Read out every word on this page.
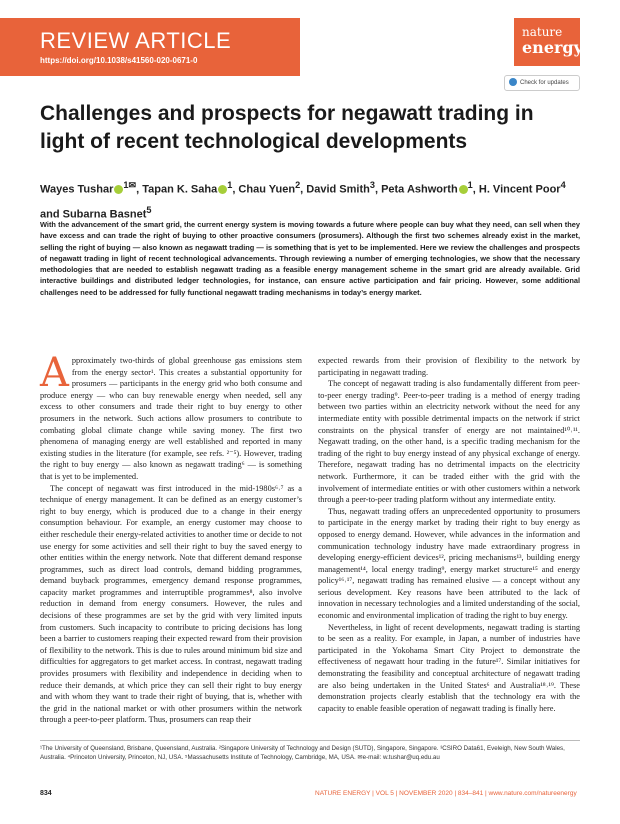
REVIEW ARTICLE
https://doi.org/10.1038/s41560-020-0671-0
nature
energy
Check for updates
Challenges and prospects for negawatt trading in light of recent technological developments
Wayes Tushar $^{1✉}$, Tapan K. Saha $^1$, Chau Yuen$^2$, David Smith$^3$, Peta Ashworth $^1$, H. Vincent Poor$^4$
and Subarna Basnet$^5$
With the advancement of the smart grid, the current energy system is moving towards a future where people can buy what they need, can sell when they have excess and can trade the right of buying to other proactive consumers (prosumers). Although the first two schemes already exist in the market, selling the right of buying — also known as negawatt trading — is something that is yet to be implemented. Here we review the challenges and prospects of negawatt trading in light of recent technological advancements. Through reviewing a number of emerging technologies, we show that the necessary methodologies that are needed to establish negawatt trading as a feasible energy management scheme in the smart grid are already available. Grid interactive buildings and distributed ledger technologies, for instance, can ensure active participation and fair pricing. However, some additional challenges need to be addressed for fully functional negawatt trading mechanisms in today’s energy market.

Approximately two-thirds of global greenhouse gas emissions stem from the energy sector¹. This creates a substantial opportunity for prosumers — participants in the energy grid who both consume and produce energy — who can buy renewable energy when needed, sell any excess to other consumers and trade their right to buy energy to other prosumers in the network. Such actions allow prosumers to contribute to combating global climate change while saving money. The first two phenomena of managing energy are well established and reported in many existing studies in the literature (for example, see refs. ²⁻⁵). However, trading the right to buy energy — also known as negawatt trading⁶ — is something that is yet to be implemented.

The concept of negawatt was first introduced in the mid-1980s⁶˒⁷ as a technique of energy management. It can be defined as an energy customer’s right to buy energy, which is produced due to a change in their energy consumption behaviour. For example, an energy customer may choose to either reschedule their energy-related activities to another time or decide to not use energy for some activities and sell their right to buy the saved energy to other entities within the energy network. Note that different demand response programmes, such as direct load controls, demand bidding programmes, demand buyback programmes, emergency demand response programmes, capacity market programmes and interruptible programmes⁸, also involve reduction in demand from energy consumers. However, the rules and decisions of these programmes are set by the grid with very limited inputs from customers. Such incapacity to contribute to pricing decisions has long been a barrier to customers reaping their expected reward from their provision of flexibility to the network. This is due to rules around minimum bid size and difficulties for aggregators to get market access. In contrast, negawatt trading provides prosumers with flexibility and independence in deciding when to reduce their demands, at which price they can sell their right to buy energy and with whom they want to trade their right of buying, that is, whether with the grid in the national market or with other prosumers within the network through a peer-to-peer platform. Thus, prosumers can reap their

expected rewards from their provision of flexibility to the network by participating in negawatt trading.

The concept of negawatt trading is also fundamentally different from peer-to-peer energy trading⁹. Peer-to-peer trading is a method of energy trading between two parties within an electricity network without the need for any intermediate entity with possible detrimental impacts on the network if strict constraints on the physical transfer of energy are not maintained¹⁰˒¹¹. Negawatt trading, on the other hand, is a specific trading mechanism for the trading of the right to buy energy instead of any physical exchange of energy. Therefore, negawatt trading has no detrimental impacts on the electricity network. Furthermore, it can be traded either with the grid with the involvement of intermediate entities or with other customers within a network through a peer-to-peer trading platform without any intermediate entity.

Thus, negawatt trading offers an unprecedented opportunity to prosumers to participate in the energy market by trading their right to buy energy as opposed to energy demand. However, while advances in the information and communication technology industry have made extraordinary progress in developing energy-efficient devices¹², pricing mechanisms¹³, building energy management¹⁴, local energy trading⁹, energy market structure¹⁵ and energy policy¹⁶˒¹⁷, negawatt trading has remained elusive — a concept without any serious development. Key reasons have been attributed to the lack of innovation in necessary technologies and a limited understanding of the social, economic and environmental implication of trading the right to buy energy.

Nevertheless, in light of recent developments, negawatt trading is starting to be seen as a reality. For example, in Japan, a number of industries have participated in the Yokohama Smart City Project to demonstrate the effectiveness of negawatt hour trading in the future¹⁷. Similar initiatives for demonstrating the feasibility and conceptual architecture of negawatt trading are also being undertaken in the United States⁶ and Australia¹⁸˒¹⁹. These demonstration projects clearly establish that the technology era with the capacity to enable feasible operation of negawatt trading is finally here.

¹The University of Queensland, Brisbane, Queensland, Australia. ²Singapore University of Technology and Design (SUTD), Singapore, Singapore. ³CSIRO Data61, Eveleigh, New South Wales, Australia. ⁴Princeton University, Princeton, NJ, USA. ⁵Massachusetts Institute of Technology, Cambridge, MA, USA. ✉e-mail: w.tushar@uq.edu.au
834	NATURE ENERGY | VOL 5 | NOVEMBER 2020 | 834–841 | www.nature.com/natureenergy
